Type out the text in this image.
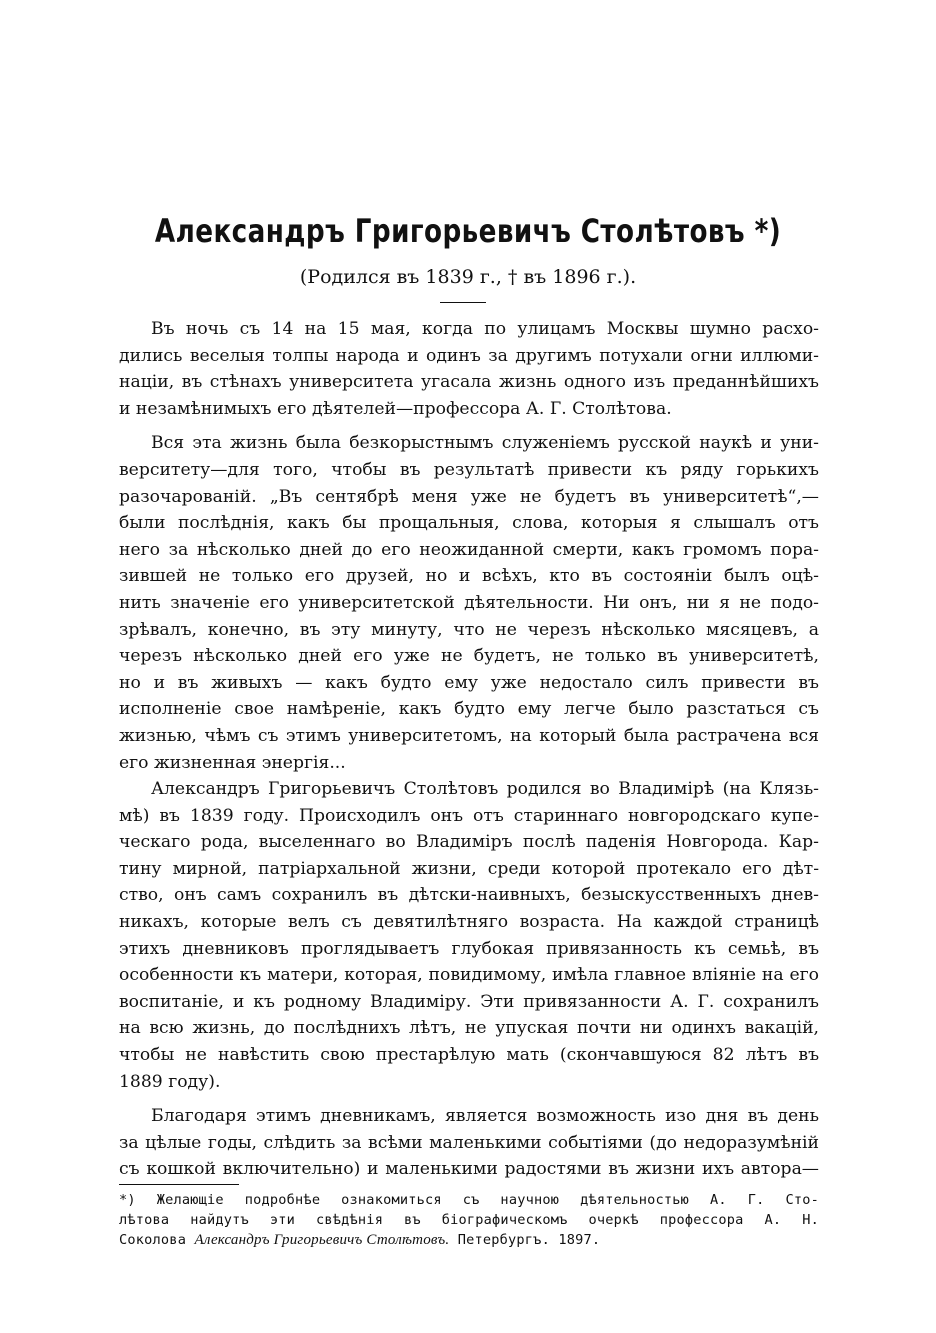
Александръ Григорьевичъ Столѣтовъ *)
(Родился въ 1839 г., † въ 1896 г.).
Въ ночь съ 14 на 15 мая, когда по улицамъ Москвы шумно расхо-
дились веселыя толпы народа и одинъ за другимъ потухали огни иллюми-
націи, въ стѣнахъ университета угасала жизнь одного изъ преданнѣйшихъ
и незамѣнимыхъ его дѣятелей—профессора А. Г. Столѣтова.
Вся эта жизнь была безкорыстнымъ служеніемъ русской наукѣ и уни-
верситету—для того, чтобы въ результатѣ привести къ ряду горькихъ
разочарованій. „Въ сентябрѣ меня уже не будетъ въ университетѣ“,—
были послѣднія, какъ бы прощальныя, слова, которыя я слышалъ отъ
него за нѣсколько дней до его неожиданной смерти, какъ громомъ пора-
зившей не только его друзей, но и всѣхъ, кто въ состояніи былъ оцѣ-
нить значеніе его университетской дѣятельности. Ни онъ, ни я не подо-
зрѣвалъ, конечно, въ эту минуту, что не черезъ нѣсколько мясяцевъ, а
черезъ нѣсколько дней его уже не будетъ, не только въ университетѣ,
но и въ живыхъ — какъ будто ему уже недостало силъ привести въ
исполненіе свое намѣреніе, какъ будто ему легче было разстаться съ
жизнью, чѣмъ съ этимъ университетомъ, на который была растрачена вся
его жизненная энергія...
Александръ Григорьевичъ Столѣтовъ родился во Владимірѣ (на Клязь-
мѣ) въ 1839 году. Происходилъ онъ отъ стариннаго новгородскаго купе-
ческаго рода, выселеннаго во Владиміръ послѣ паденія Новгорода. Кар-
тину мирной, патріархальной жизни, среди которой протекало его дѣт-
ство, онъ самъ сохранилъ въ дѣтски-наивныхъ, безыскусственныхъ днев-
никахъ, которые велъ съ девятилѣтняго возраста. На каждой страницѣ
этихъ дневниковъ проглядываетъ глубокая привязанность къ семьѣ, въ
особенности къ матери, которая, повидимому, имѣла главное вліяніе на его
воспитаніе, и къ родному Владиміру. Эти привязанности А. Г. сохранилъ
на всю жизнь, до послѣднихъ лѣтъ, не упуская почти ни одинхъ вакацій,
чтобы не навѣстить свою престарѣлую мать (скончавшуюся 82 лѣтъ въ
1889 году).
Благодаря этимъ дневникамъ, является возможность изо дня въ день
за цѣлые годы, слѣдить за всѣми маленькими событіями (до недоразумѣній
съ кошкой включительно) и маленькими радостями въ жизни ихъ автора—
*) Желающіе подробнѣе ознакомиться съ научною дѣятельностью А. Г. Сто-
лѣтова найдутъ эти свѣдѣнія въ біографическомъ очеркѣ профессора А. Н.
Соколова Александръ Григорьевичъ Столѣтовъ. Петербургъ. 1897.
